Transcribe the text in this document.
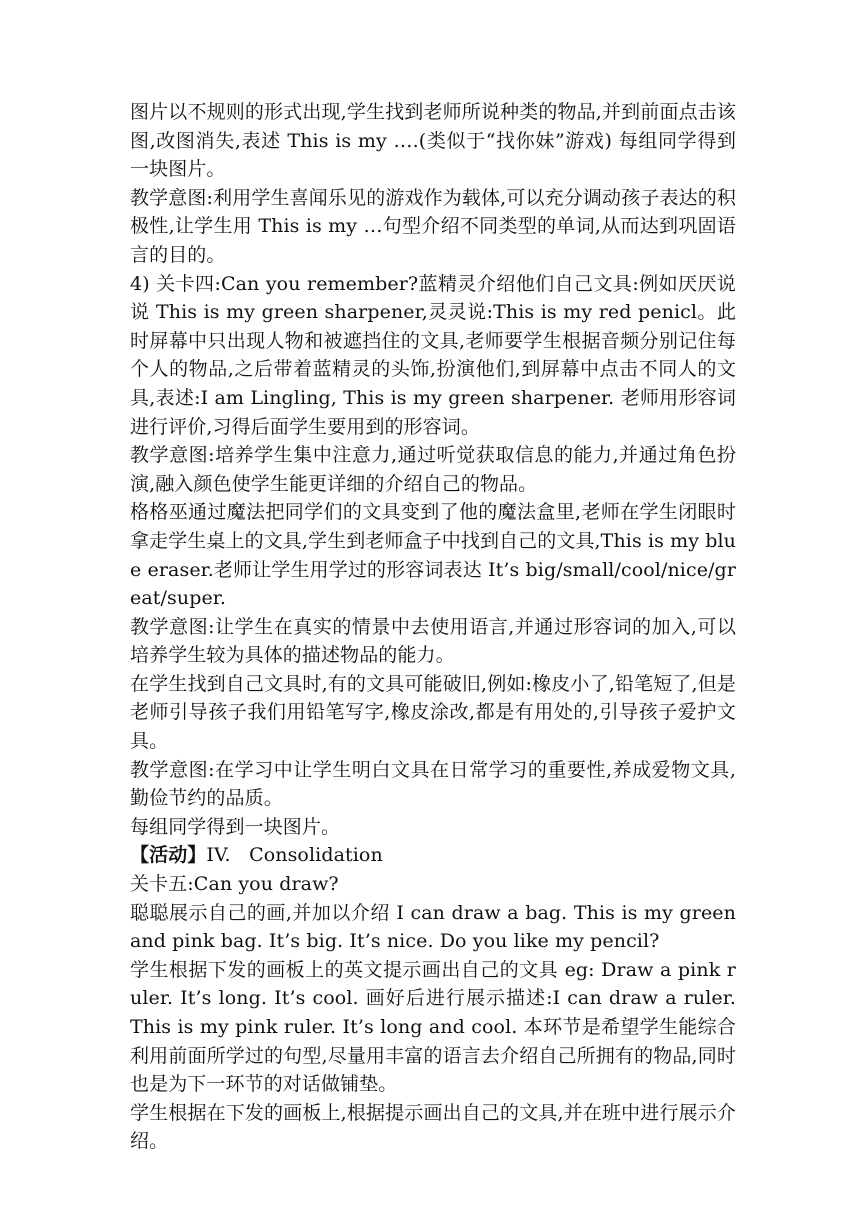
图片以不规则的形式出现,学生找到老师所说种类的物品,并到前面点击该图,改图消失,表述 This is my ….(类似于“找你妹”游戏) 每组同学得到一块图片。

教学意图:利用学生喜闻乐见的游戏作为载体,可以充分调动孩子表达的积极性,让学生用 This is my …句型介绍不同类型的单词,从而达到巩固语言的目的。

4) 关卡四:Can you remember?蓝精灵介绍他们自己文具:例如厌厌说说 This is my green sharpener,灵灵说:This is my red penicl。此时屏幕中只出现人物和被遮挡住的文具,老师要学生根据音频分别记住每个人的物品,之后带着蓝精灵的头饰,扮演他们,到屏幕中点击不同人的文具,表述:I am Lingling, This is my green sharpener. 老师用形容词进行评价,习得后面学生要用到的形容词。

教学意图:培养学生集中注意力,通过听觉获取信息的能力,并通过角色扮演,融入颜色使学生能更详细的介绍自己的物品。

格格巫通过魔法把同学们的文具变到了他的魔法盒里,老师在学生闭眼时拿走学生桌上的文具,学生到老师盒子中找到自己的文具,This is my blue eraser.老师让学生用学过的形容词表达 It’s big/small/cool/nice/great/super.

教学意图:让学生在真实的情景中去使用语言,并通过形容词的加入,可以培养学生较为具体的描述物品的能力。

在学生找到自己文具时,有的文具可能破旧,例如:橡皮小了,铅笔短了,但是老师引导孩子我们用铅笔写字,橡皮涂改,都是有用处的,引导孩子爱护文具。

教学意图:在学习中让学生明白文具在日常学习的重要性,养成爱物文具,勤俭节约的品质。

每组同学得到一块图片。

【活动】IV.   Consolidation

关卡五:Can you draw?

聪聪展示自己的画,并加以介绍 I can draw a bag. This is my green and pink bag. It’s big. It’s nice. Do you like my pencil?

学生根据下发的画板上的英文提示画出自己的文具 eg: Draw a pink ruler. It’s long. It’s cool. 画好后进行展示描述:I can draw a ruler. This is my pink ruler. It’s long and cool. 本环节是希望学生能综合利用前面所学过的句型,尽量用丰富的语言去介绍自己所拥有的物品,同时也是为下一环节的对话做铺垫。

学生根据在下发的画板上,根据提示画出自己的文具,并在班中进行展示介绍。
